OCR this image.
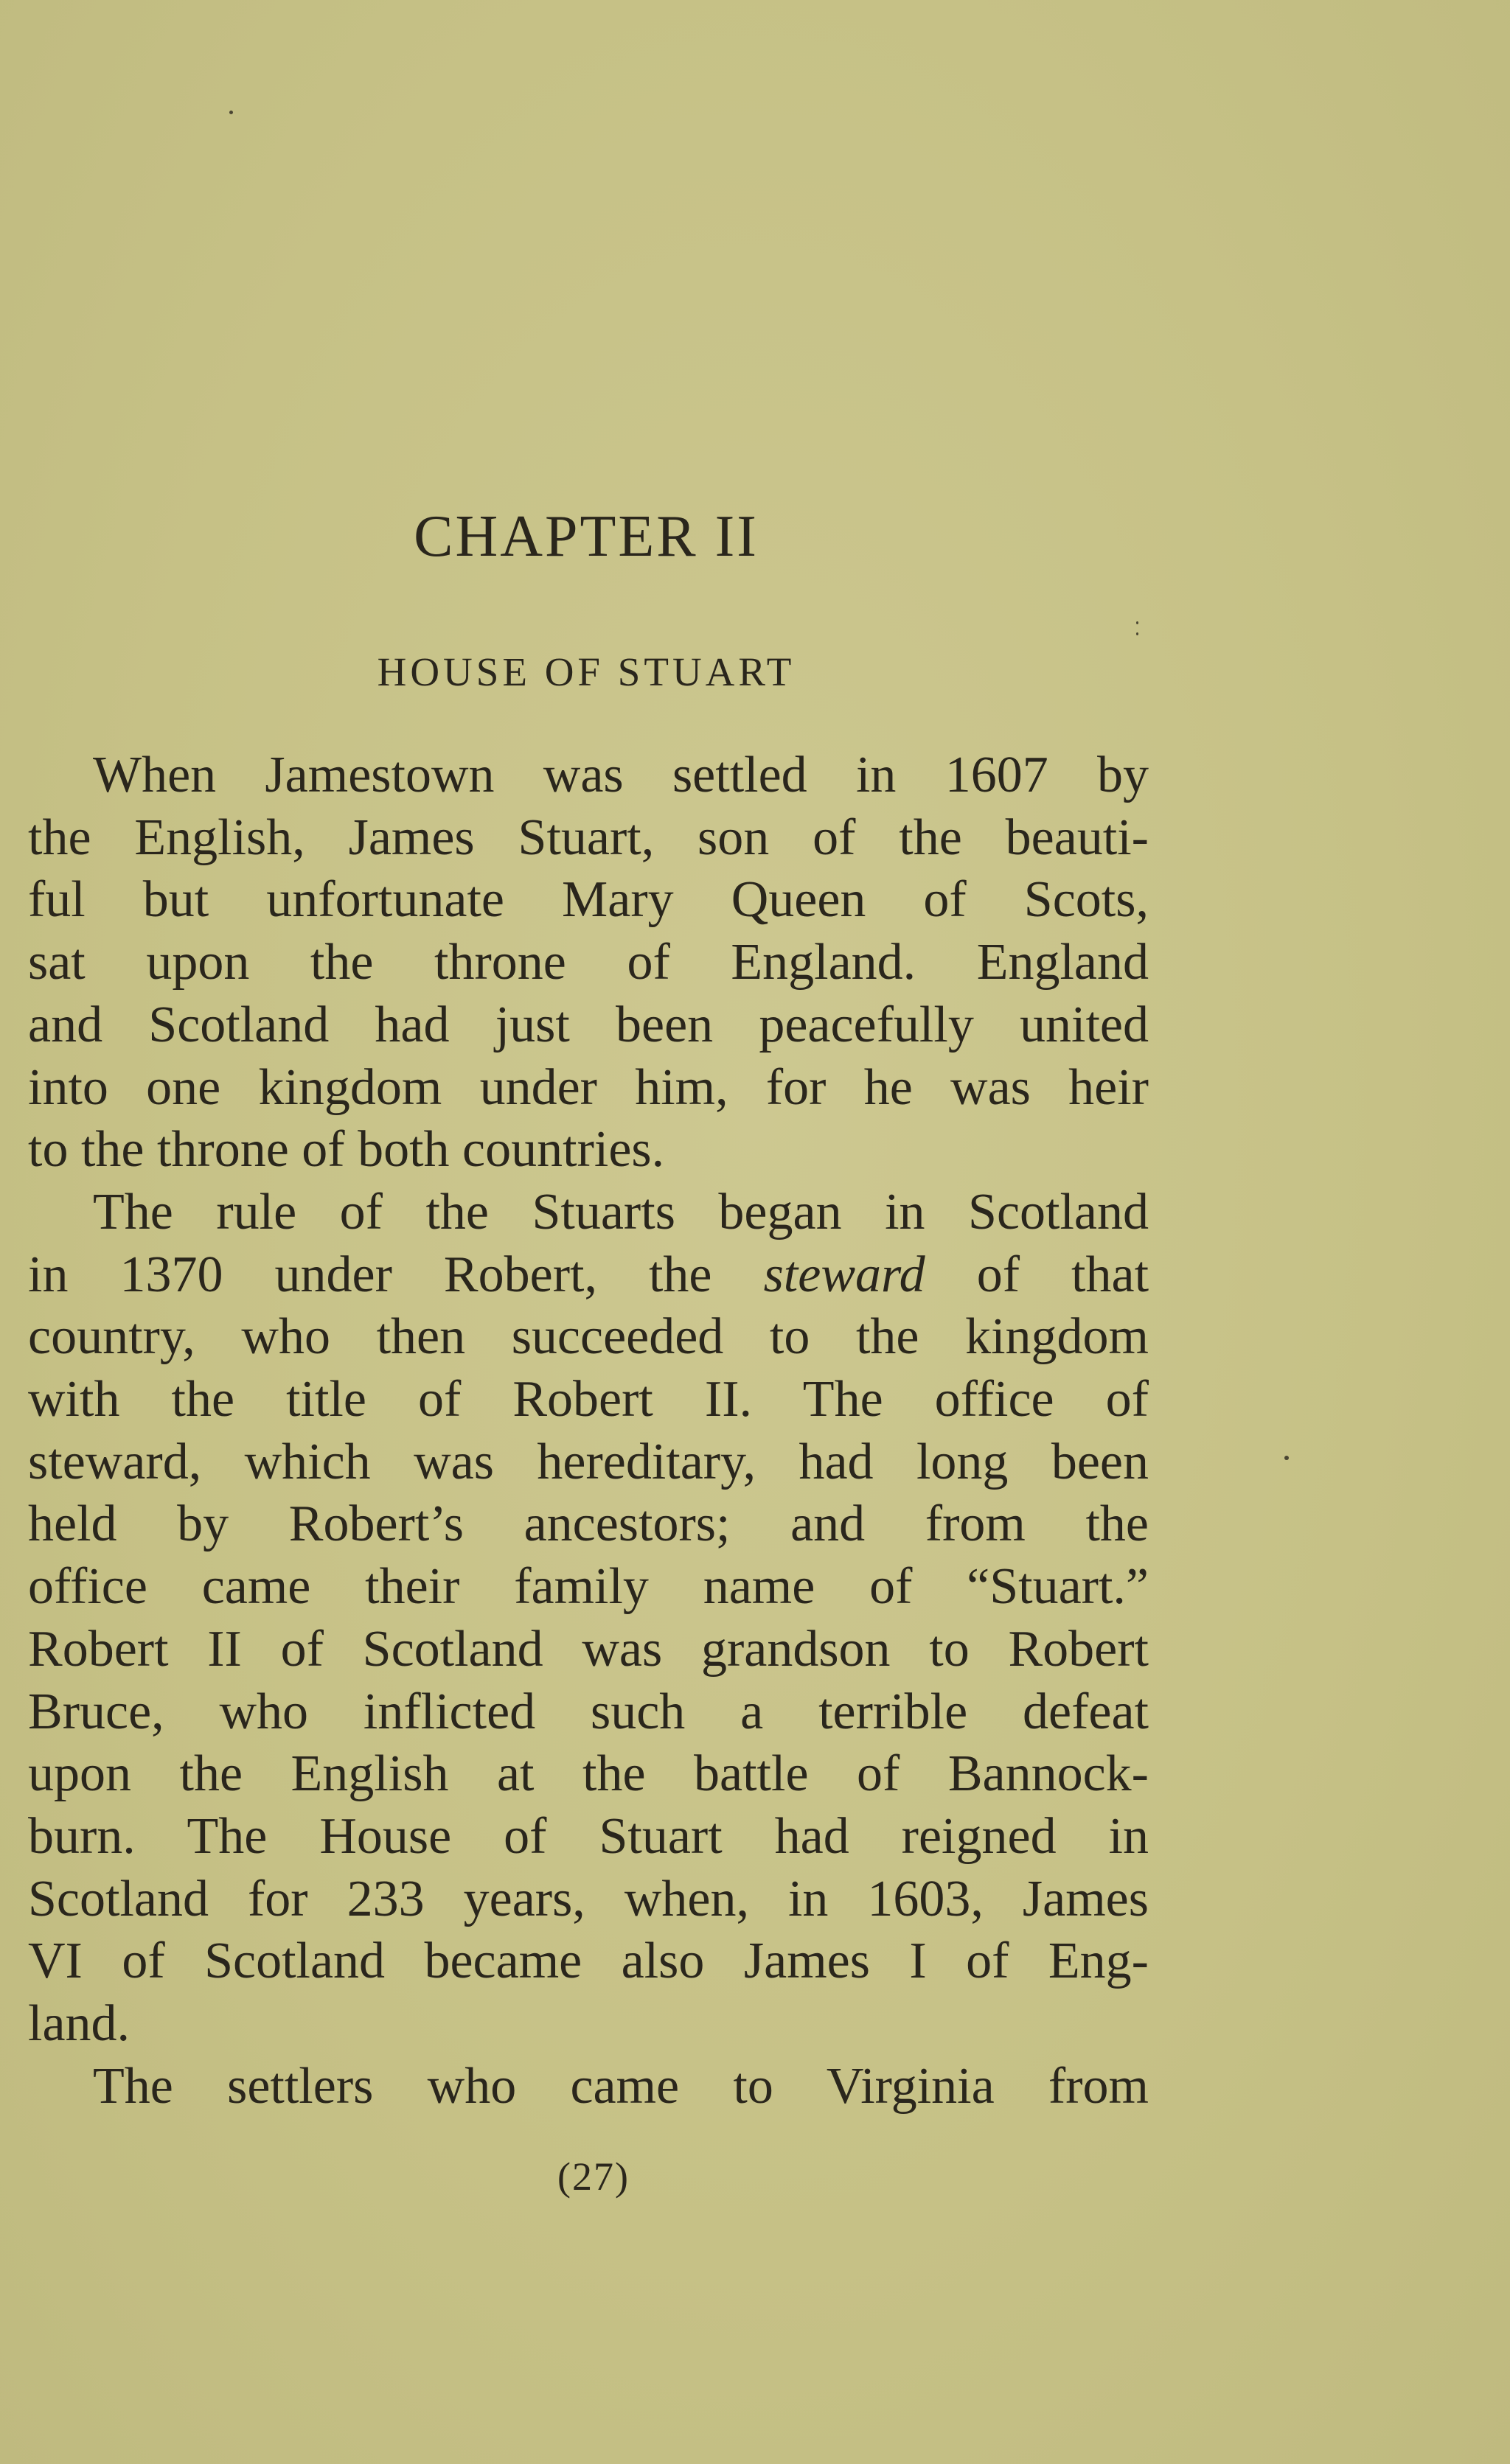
CHAPTER II
HOUSE OF STUART
When Jamestown was settled in 1607 by
the English, James Stuart, son of the beauti-
ful but unfortunate Mary Queen of Scots,
sat upon the throne of England. England
and Scotland had just been peacefully united
into one kingdom under him, for he was heir
to the throne of both countries.
The rule of the Stuarts began in Scotland
in 1370 under Robert, the steward of that
country, who then succeeded to the kingdom
with the title of Robert II. The office of
steward, which was hereditary, had long been
held by Robert’s ancestors; and from the
office came their family name of “Stuart.”
Robert II of Scotland was grandson to Robert
Bruce, who inflicted such a terrible defeat
upon the English at the battle of Bannock-
burn. The House of Stuart had reigned in
Scotland for 233 years, when, in 1603, James
VI of Scotland became also James I of Eng-
land.
The settlers who came to Virginia from
(27)
